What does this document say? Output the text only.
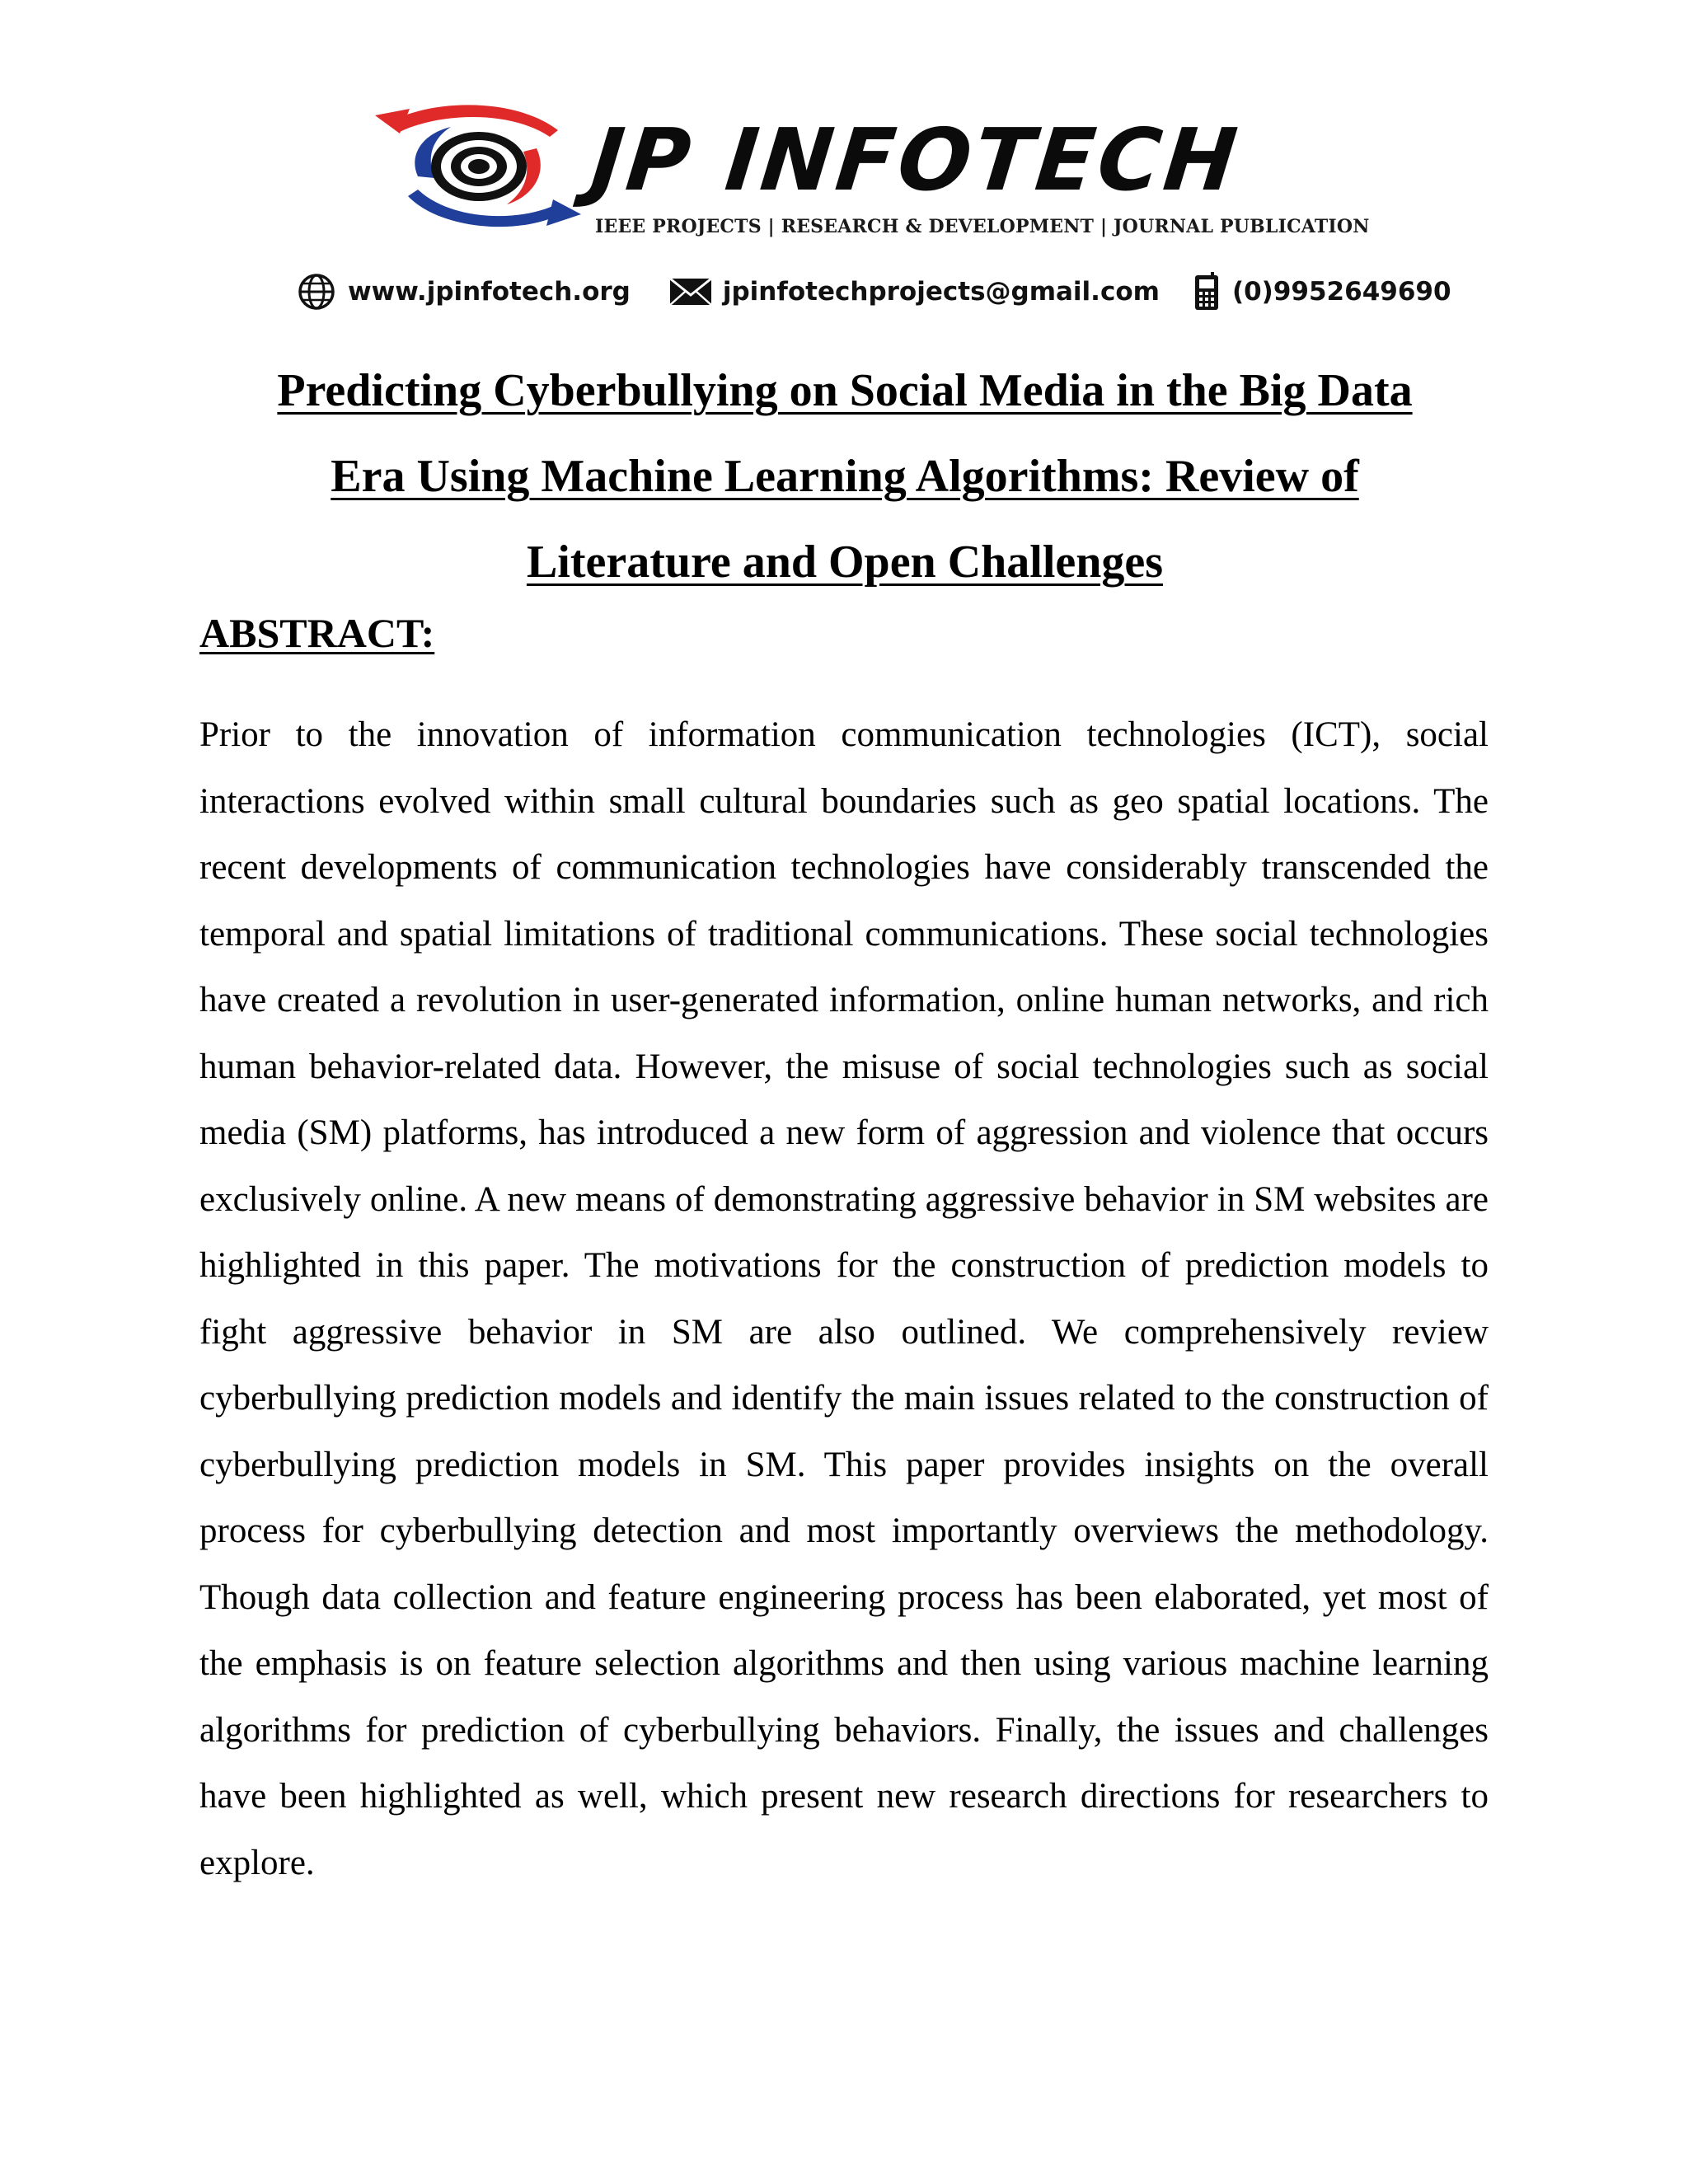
JP INFOTECH
IEEE PROJECTS | RESEARCH & DEVELOPMENT | JOURNAL PUBLICATION
www.jpinfotech.org	jpinfotechprojects@gmail.com	(0)9952649690
Predicting Cyberbullying on Social Media in the Big Data
Era Using Machine Learning Algorithms: Review of
Literature and Open Challenges
ABSTRACT:

Prior to the innovation of information communication technologies (ICT), social interactions evolved within small cultural boundaries such as geo spatial locations. The recent developments of communication technologies have considerably transcended the temporal and spatial limitations of traditional communications. These social technologies have created a revolution in user-generated information, online human networks, and rich human behavior-related data. However, the misuse of social technologies such as social media (SM) platforms, has introduced a new form of aggression and violence that occurs exclusively online. A new means of demonstrating aggressive behavior in SM websites are highlighted in this paper. The motivations for the construction of prediction models to fight aggressive behavior in SM are also outlined. We comprehensively review cyberbullying prediction models and identify the main issues related to the construction of cyberbullying prediction models in SM. This paper provides insights on the overall process for cyberbullying detection and most importantly overviews the methodology. Though data collection and feature engineering process has been elaborated, yet most of the emphasis is on feature selection algorithms and then using various machine learning algorithms for prediction of cyberbullying behaviors. Finally, the issues and challenges have been highlighted as well, which present new research directions for researchers to explore.
